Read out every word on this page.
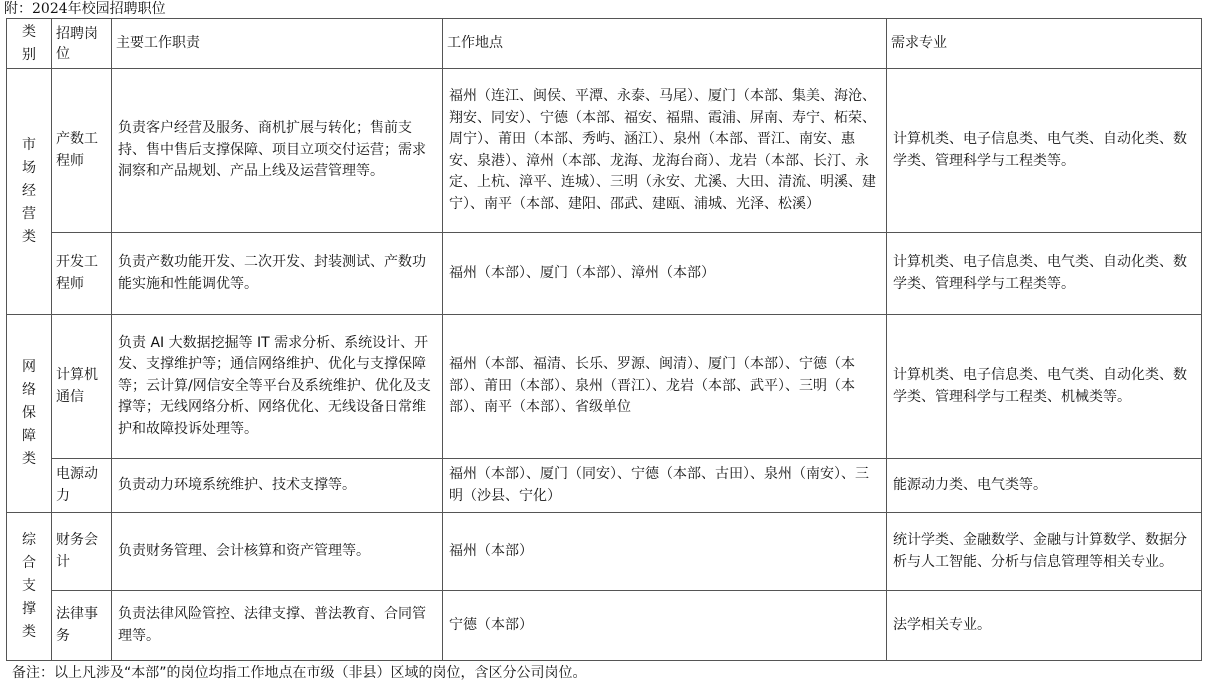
附：2024年校园招聘职位
类别	招聘岗位	主要工作职责	工作地点	需求专业
市场经营类	产数工程师	负责客户经营及服务、商机扩展与转化；售前支持、售中售后支撑保障、项目立项交付运营；需求洞察和产品规划、产品上线及运营管理等。	福州（连江、闽侯、平潭、永泰、马尾）、厦门（本部、集美、海沧、翔安、同安）、宁德（本部、福安、福鼎、霞浦、屏南、寿宁、柘荣、周宁）、莆田（本部、秀屿、涵江）、泉州（本部、晋江、南安、惠安、泉港）、漳州（本部、龙海、龙海台商）、龙岩（本部、长汀、永定、上杭、漳平、连城）、三明（永安、尤溪、大田、清流、明溪、建宁）、南平（本部、建阳、邵武、建瓯、浦城、光泽、松溪）	计算机类、电子信息类、电气类、自动化类、数学类、管理科学与工程类等。
	开发工程师	负责产数功能开发、二次开发、封装测试、产数功能实施和性能调优等。	福州（本部）、厦门（本部）、漳州（本部）	计算机类、电子信息类、电气类、自动化类、数学类、管理科学与工程类等。
网络保障类	计算机通信	负责 AI 大数据挖掘等 IT 需求分析、系统设计、开发、支撑维护等；通信网络维护、优化与支撑保障等；云计算/网信安全等平台及系统维护、优化及支撑等；无线网络分析、网络优化、无线设备日常维护和故障投诉处理等。	福州（本部、福清、长乐、罗源、闽清）、厦门（本部）、宁德（本部）、莆田（本部）、泉州（晋江）、龙岩（本部、武平）、三明（本部）、南平（本部）、省级单位	计算机类、电子信息类、电气类、自动化类、数学类、管理科学与工程类、机械类等。
	电源动力	负责动力环境系统维护、技术支撑等。	福州（本部）、厦门（同安）、宁德（本部、古田）、泉州（南安）、三明（沙县、宁化）	能源动力类、电气类等。
综合支撑类	财务会计	负责财务管理、会计核算和资产管理等。	福州（本部）	统计学类、金融数学、金融与计算数学、数据分析与人工智能、分析与信息管理等相关专业。
	法律事务	负责法律风险管控、法律支撑、普法教育、合同管理等。	宁德（本部）	法学相关专业。
备注：以上凡涉及“本部”的岗位均指工作地点在市级（非县）区域的岗位，含区分公司岗位。
